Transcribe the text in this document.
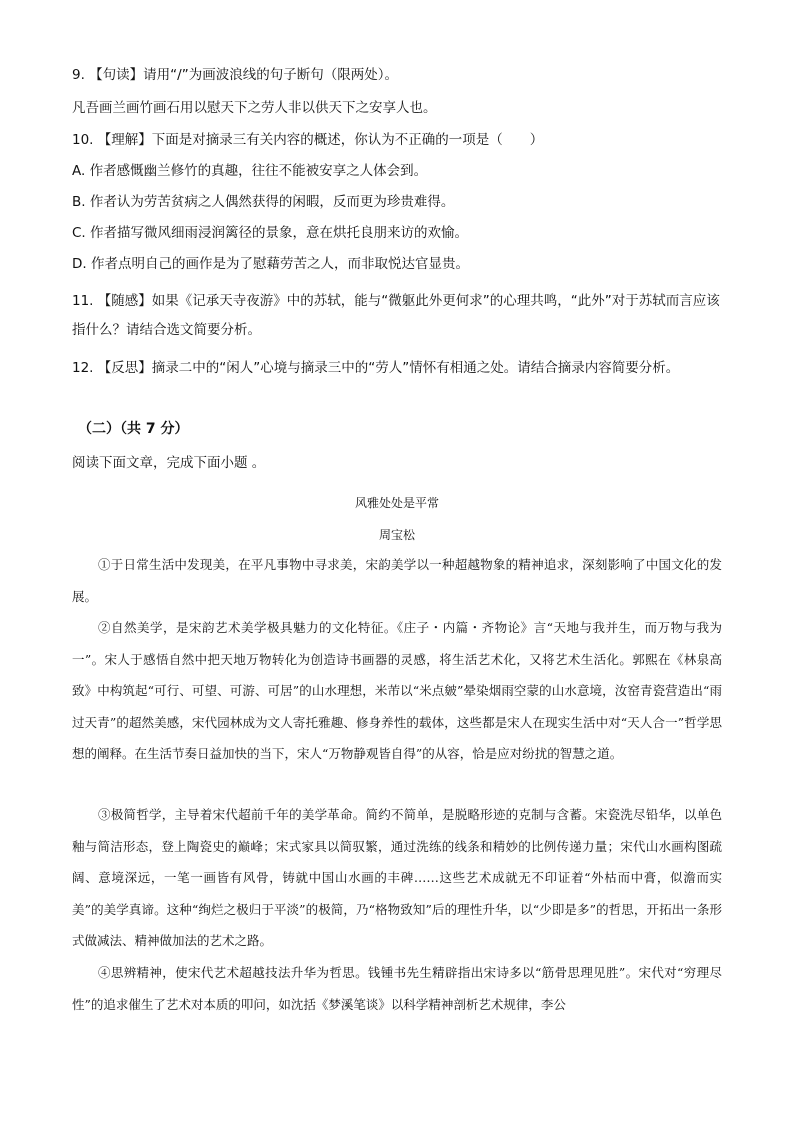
9. 【句读】请用“/”为画波浪线的句子断句（限两处）。
凡吾画兰画竹画石用以慰天下之劳人非以供天下之安享人也。
10. 【理解】下面是对摘录三有关内容的概述，你认为不正确的一项是（　　）
A. 作者感慨幽兰修竹的真趣，往往不能被安享之人体会到。
B. 作者认为劳苦贫病之人偶然获得的闲暇，反而更为珍贵难得。
C. 作者描写微风细雨浸润篱径的景象，意在烘托良朋来访的欢愉。
D. 作者点明自己的画作是为了慰藉劳苦之人，而非取悦达官显贵。
11. 【随感】如果《记承天寺夜游》中的苏轼，能与“微躯此外更何求”的心理共鸣，“此外”对于苏轼而言应该指什么？请结合选文简要分析。
12. 【反思】摘录二中的“闲人”心境与摘录三中的“劳人”情怀有相通之处。请结合摘录内容简要分析。
（二）（共 7 分）
阅读下面文章，完成下面小题 。
风雅处处是平常
周宝松
①于日常生活中发现美，在平凡事物中寻求美，宋韵美学以一种超越物象的精神追求，深刻影响了中国文化的发展。
②自然美学，是宋韵艺术美学极具魅力的文化特征。《庄子・内篇・齐物论》言“天地与我并生，而万物与我为一”。宋人于感悟自然中把天地万物转化为创造诗书画器的灵感，将生活艺术化，又将艺术生活化。郭熙在《林泉高致》中构筑起“可行、可望、可游、可居”的山水理想，米芾以“米点皴”晕染烟雨空蒙的山水意境，汝窑青瓷营造出“雨过天青”的超然美感，宋代园林成为文人寄托雅趣、修身养性的载体，这些都是宋人在现实生活中对“天人合一”哲学思想的阐释。在生活节奏日益加快的当下，宋人“万物静观皆自得”的从容，恰是应对纷扰的智慧之道。
③极简哲学，主导着宋代超前千年的美学革命。简约不简单，是脱略形迹的克制与含蓄。宋瓷洗尽铅华，以单色釉与简洁形态，登上陶瓷史的巅峰；宋式家具以简驭繁，通过洗练的线条和精妙的比例传递力量；宋代山水画构图疏阔、意境深远，一笔一画皆有风骨，铸就中国山水画的丰碑……这些艺术成就无不印证着“外枯而中膏，似澹而实美”的美学真谛。这种“绚烂之极归于平淡”的极简，乃“格物致知”后的理性升华，以“少即是多”的哲思，开拓出一条形式做减法、精神做加法的艺术之路。
④思辨精神，使宋代艺术超越技法升华为哲思。钱锺书先生精辟指出宋诗多以“筋骨思理见胜”。宋代对“穷理尽性”的追求催生了艺术对本质的叩问，如沈括《梦溪笔谈》以科学精神剖析艺术规律，李公
